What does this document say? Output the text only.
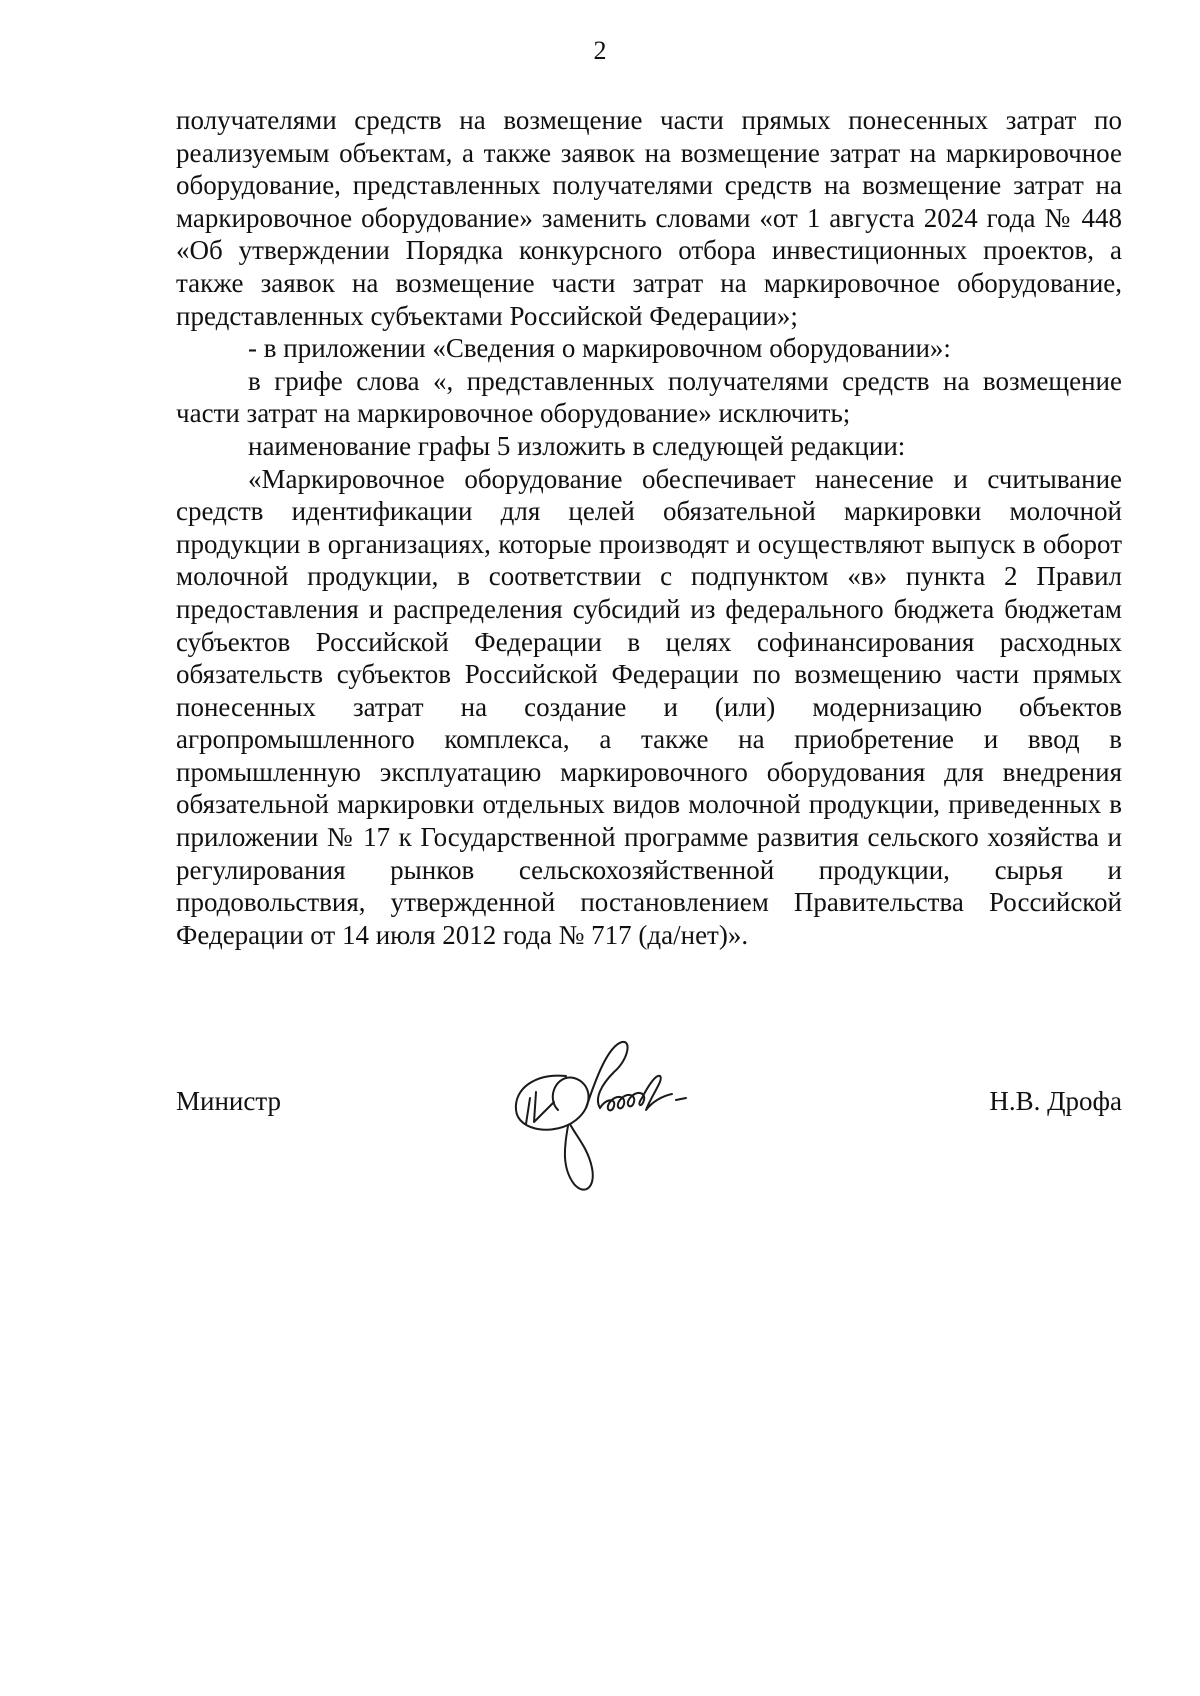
2

получателями средств на возмещение части прямых понесенных затрат по реализуемым объектам, а также заявок на возмещение затрат на маркировочное оборудование, представленных получателями средств на возмещение затрат на маркировочное оборудование» заменить словами «от 1 августа 2024 года № 448 «Об утверждении Порядка конкурсного отбора инвестиционных проектов, а также заявок на возмещение части затрат на маркировочное оборудование, представленных субъектами Российской Федерации»;

- в приложении «Сведения о маркировочном оборудовании»:

в грифе слова «, представленных получателями средств на возмещение части затрат на маркировочное оборудование» исключить;

наименование графы 5 изложить в следующей редакции:

«Маркировочное оборудование обеспечивает нанесение и считывание средств идентификации для целей обязательной маркировки молочной продукции в организациях, которые производят и осуществляют выпуск в оборот молочной продукции, в соответствии с подпунктом «в» пункта 2 Правил предоставления и распределения субсидий из федерального бюджета бюджетам субъектов Российской Федерации в целях софинансирования расходных обязательств субъектов Российской Федерации по возмещению части прямых понесенных затрат на создание и (или) модернизацию объектов агропромышленного комплекса, а также на приобретение и ввод в промышленную эксплуатацию маркировочного оборудования для внедрения обязательной маркировки отдельных видов молочной продукции, приведенных в приложении № 17 к Государственной программе развития сельского хозяйства и регулирования рынков сельскохозяйственной продукции, сырья и продовольствия, утвержденной постановлением Правительства Российской Федерации от 14 июля 2012 года № 717 (да/нет)».

Министр	Н.В. Дрофа
